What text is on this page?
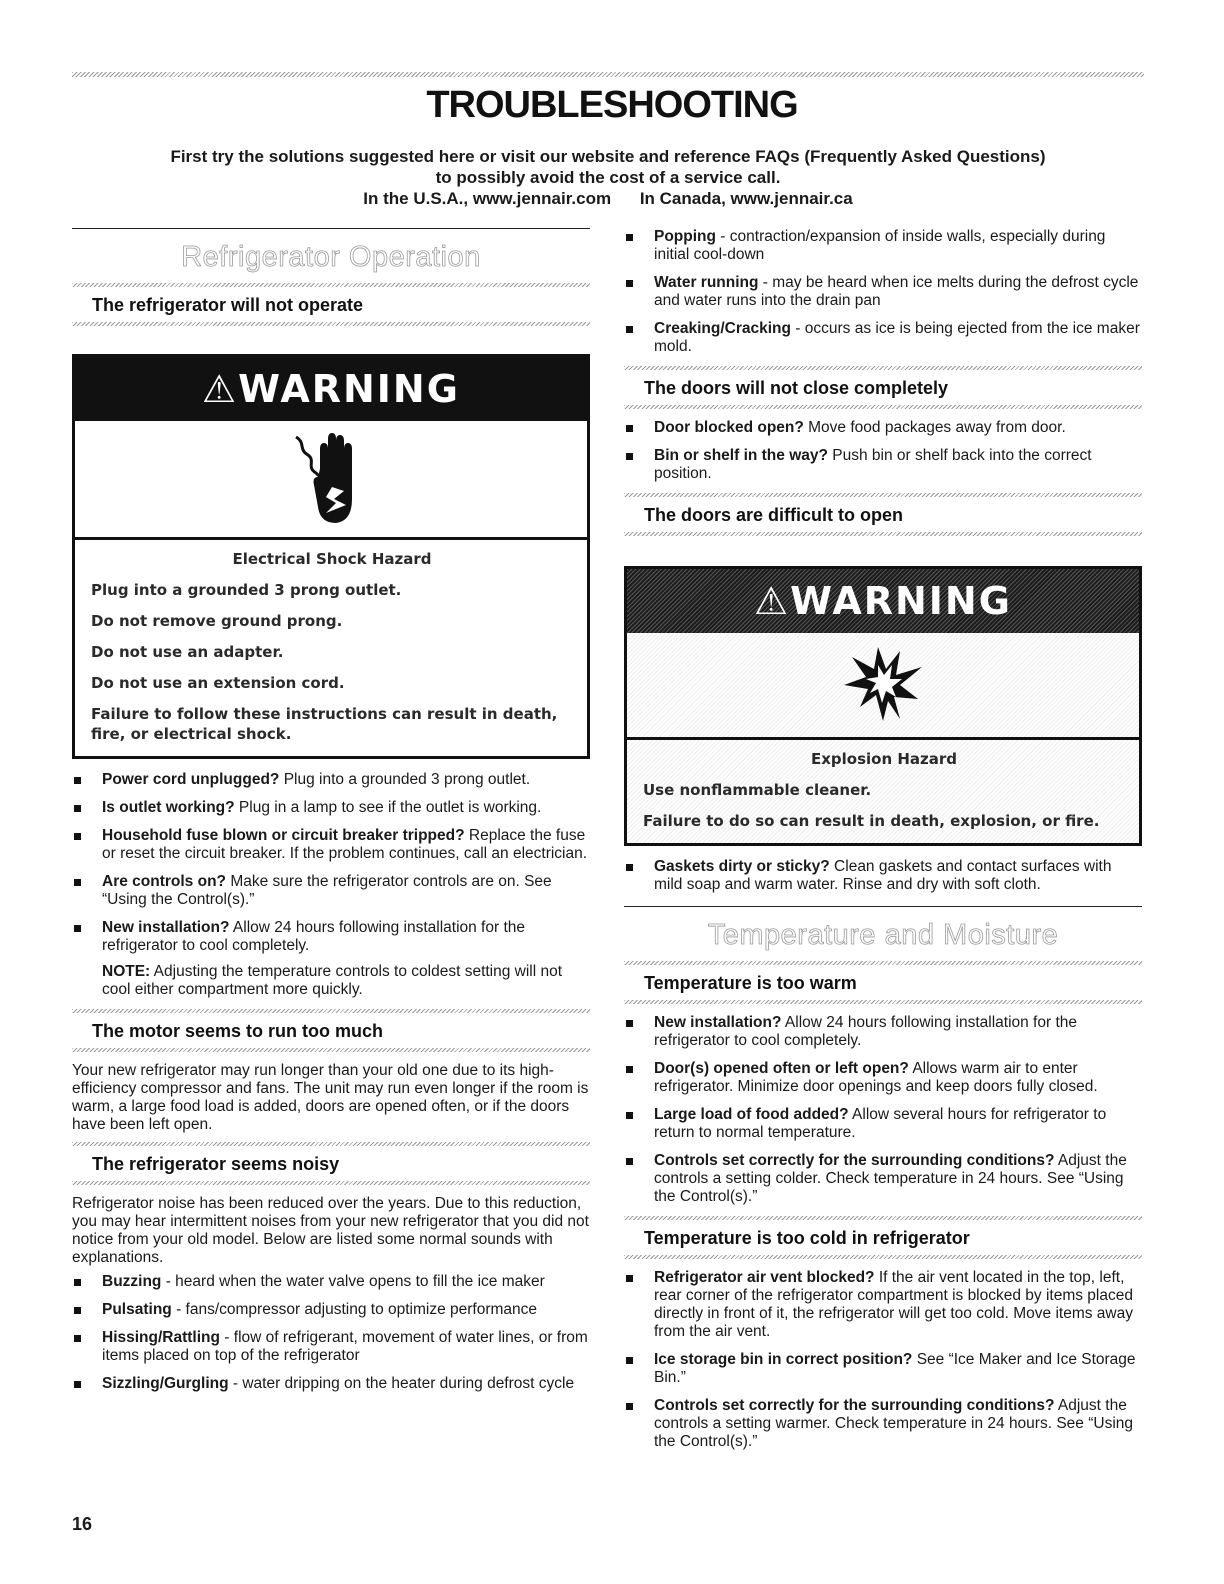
TROUBLESHOOTING

First try the solutions suggested here or visit our website and reference FAQs (Frequently Asked Questions)

to possibly avoid the cost of a service call.

In the U.S.A., www.jennair.com In Canada, www.jennair.ca

Refrigerator Operation
The refrigerator will not operate
⚠WARNING
Electrical Shock Hazard

Plug into a grounded 3 prong outlet.

Do not remove ground prong.

Do not use an adapter.

Do not use an extension cord.

Failure to follow these instructions can result in death, fire, or electrical shock.

Power cord unplugged? Plug into a grounded 3 prong outlet.
Is outlet working? Plug in a lamp to see if the outlet is working.
Household fuse blown or circuit breaker tripped? Replace the fuse or reset the circuit breaker. If the problem continues, call an electrician.
Are controls on? Make sure the refrigerator controls are on. See “Using the Control(s).”
New installation? Allow 24 hours following installation for the refrigerator to cool completely.
NOTE: Adjusting the temperature controls to coldest setting will not cool either compartment more quickly.
The motor seems to run too much

Your new refrigerator may run longer than your old one due to its high-efficiency compressor and fans. The unit may run even longer if the room is warm, a large food load is added, doors are opened often, or if the doors have been left open.

The refrigerator seems noisy

Refrigerator noise has been reduced over the years. Due to this reduction, you may hear intermittent noises from your new refrigerator that you did not notice from your old model. Below are listed some normal sounds with explanations.

Buzzing - heard when the water valve opens to fill the ice maker
Pulsating - fans/compressor adjusting to optimize performance
Hissing/Rattling - flow of refrigerant, movement of water lines, or from items placed on top of the refrigerator
Sizzling/Gurgling - water dripping on the heater during defrost cycle
Popping - contraction/expansion of inside walls, especially during initial cool-down
Water running - may be heard when ice melts during the defrost cycle and water runs into the drain pan
Creaking/Cracking - occurs as ice is being ejected from the ice maker mold.
The doors will not close completely
Door blocked open? Move food packages away from door.
Bin or shelf in the way? Push bin or shelf back into the correct position.
The doors are difficult to open
⚠WARNING
Explosion Hazard

Use nonflammable cleaner.

Failure to do so can result in death, explosion, or fire.

Gaskets dirty or sticky? Clean gaskets and contact surfaces with mild soap and warm water. Rinse and dry with soft cloth.
Temperature and Moisture
Temperature is too warm
New installation? Allow 24 hours following installation for the refrigerator to cool completely.
Door(s) opened often or left open? Allows warm air to enter refrigerator. Minimize door openings and keep doors fully closed.
Large load of food added? Allow several hours for refrigerator to return to normal temperature.
Controls set correctly for the surrounding conditions? Adjust the controls a setting colder. Check temperature in 24 hours. See “Using the Control(s).”
Temperature is too cold in refrigerator
Refrigerator air vent blocked? If the air vent located in the top, left, rear corner of the refrigerator compartment is blocked by items placed directly in front of it, the refrigerator will get too cold. Move items away from the air vent.
Ice storage bin in correct position? See “Ice Maker and Ice Storage Bin.”
Controls set correctly for the surrounding conditions? Adjust the controls a setting warmer. Check temperature in 24 hours. See “Using the Control(s).”
16
